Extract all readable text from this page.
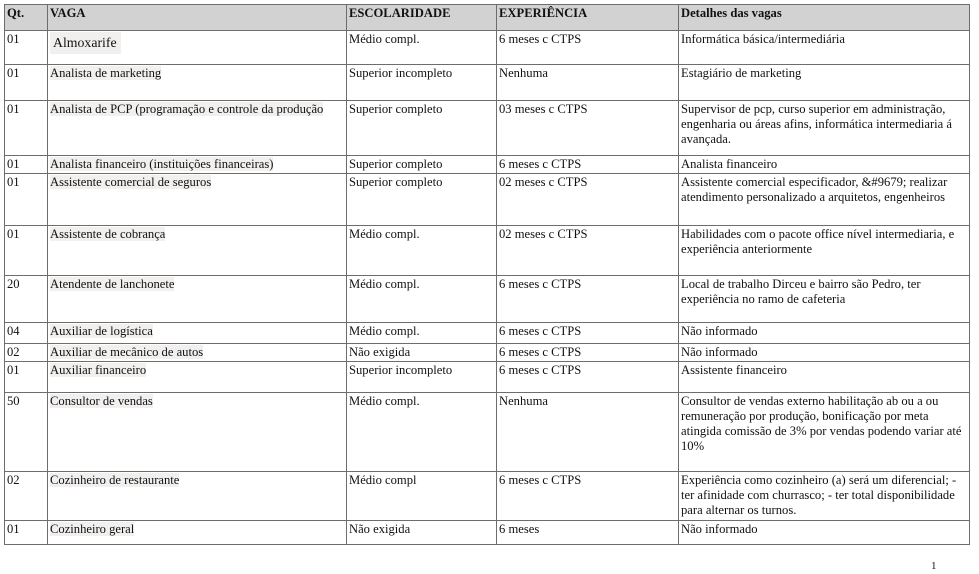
Qt.	VAGA	ESCOLARIDADE	EXPERIÊNCIA	Detalhes das vagas
01	Almoxarife	Médio compl.	6 meses c CTPS	Informática básica/intermediária
01	Analista de marketing	Superior incompleto	Nenhuma	Estagiário de marketing
01	Analista de PCP (programação e controle da produção	Superior completo	03 meses c CTPS	Supervisor de pcp, curso superior em administração, engenharia ou áreas afins, informática intermediaria á avançada.
01	Analista financeiro (instituições financeiras)	Superior completo	6 meses c CTPS	Analista financeiro
01	Assistente comercial de seguros	Superior completo	02 meses c CTPS	Assistente comercial especificador, &#9679; realizar atendimento personalizado a arquitetos, engenheiros
01	Assistente de cobrança	Médio compl.	02 meses c CTPS	Habilidades com o pacote office nível intermediaria, e experiência anteriormente
20	Atendente de lanchonete	Médio compl.	6 meses c CTPS	Local de trabalho Dirceu e bairro são Pedro, ter experiência no ramo de cafeteria
04	Auxiliar de logística	Médio compl.	6 meses c CTPS	Não informado
02	Auxiliar de mecânico de autos	Não exigida	6 meses c CTPS	Não informado
01	Auxiliar financeiro	Superior incompleto	6 meses c CTPS	Assistente financeiro
50	Consultor de vendas	Médio compl.	Nenhuma	Consultor de vendas externo habilitação ab ou a ou remuneração por produção, bonificação por meta atingida comissão de 3% por vendas podendo variar até 10%
02	Cozinheiro de restaurante	Médio compl	6 meses c CTPS	Experiência como cozinheiro (a) será um diferencial; - ter afinidade com churrasco; - ter total disponibilidade para alternar os turnos.
01	Cozinheiro geral	Não exigida	6 meses	Não informado
1
